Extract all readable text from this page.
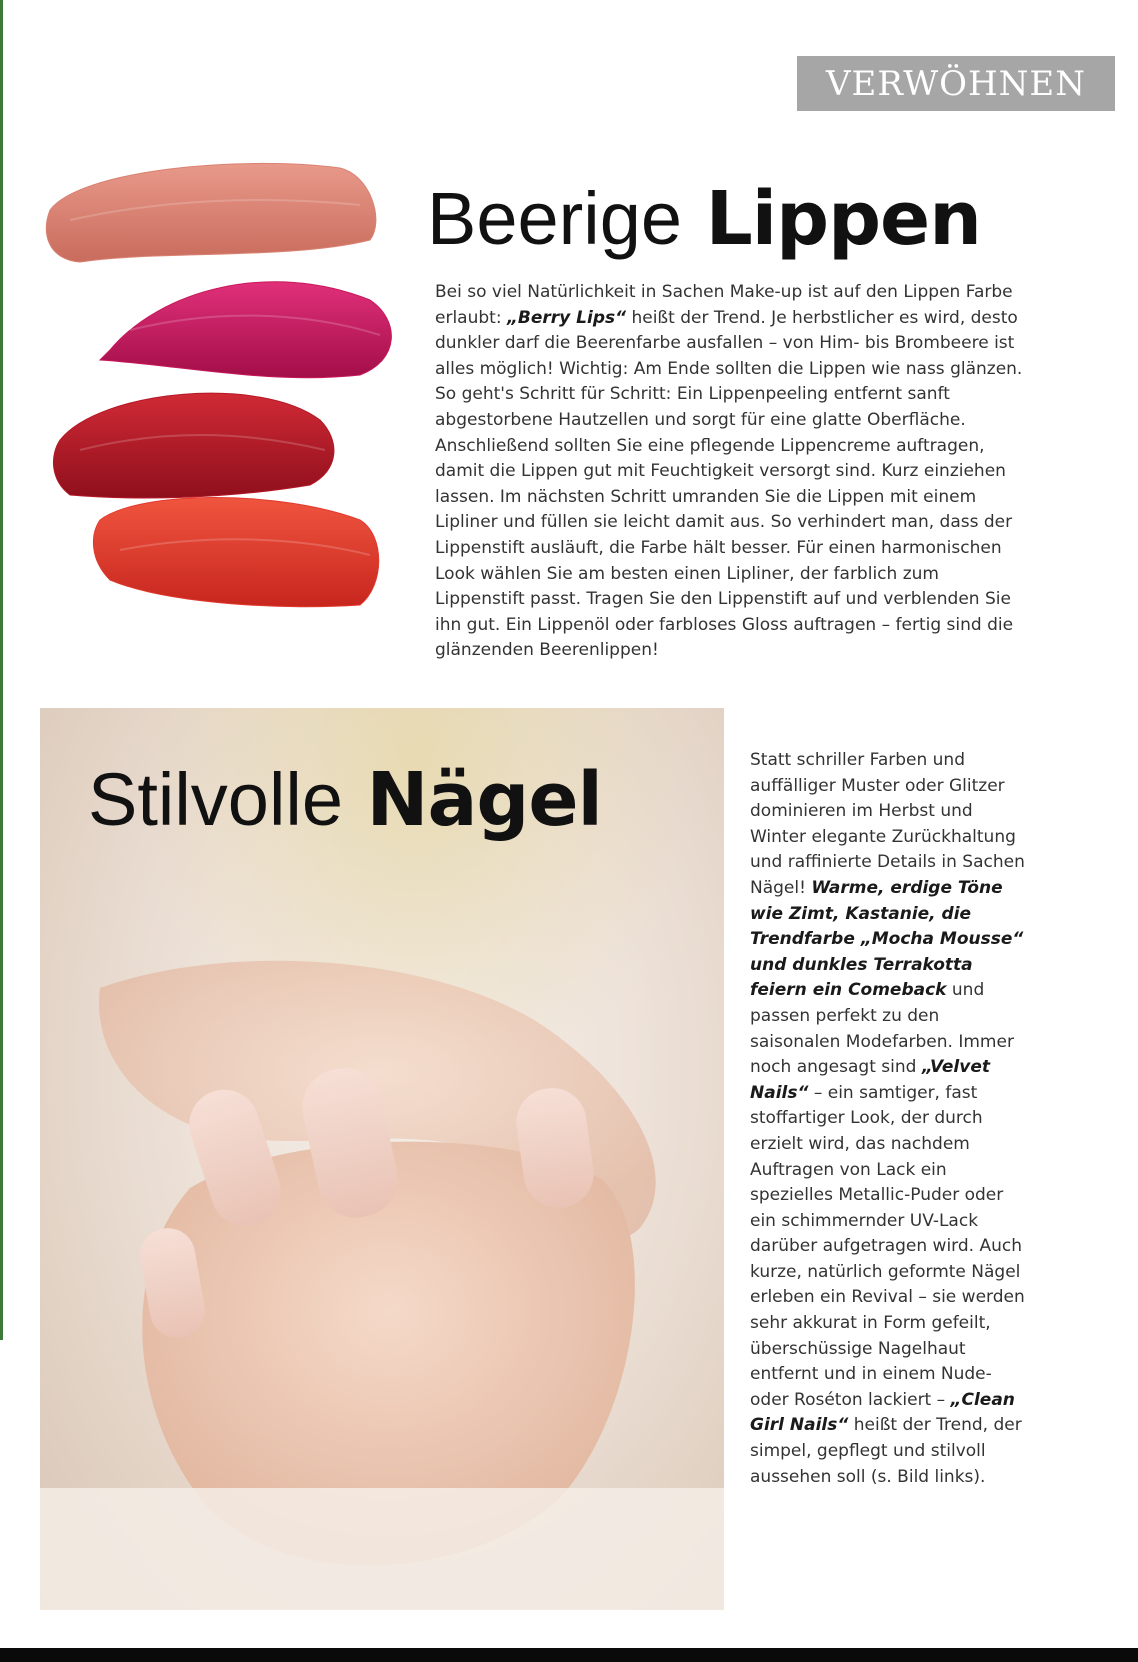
VERWÖHNEN
Beerige Lippen
Bei so viel Natürlichkeit in Sachen Make-up ist auf den Lippen Farbe erlaubt: „Berry Lips“ heißt der Trend. Je herbstlicher es wird, desto dunkler darf die Beerenfarbe ausfallen – von Him- bis Brombeere ist alles möglich! Wichtig: Am Ende sollten die Lippen wie nass glänzen. So geht's Schritt für Schritt: Ein Lippenpeeling entfernt sanft abgestorbene Hautzellen und sorgt für eine glatte Oberfläche. Anschließend sollten Sie eine pflegende Lippencreme auftragen, damit die Lippen gut mit Feuchtigkeit versorgt sind. Kurz einziehen lassen. Im nächsten Schritt umranden Sie die Lippen mit einem Lipliner und füllen sie leicht damit aus. So verhindert man, dass der Lippenstift ausläuft, die Farbe hält besser. Für einen harmonischen Look wählen Sie am besten einen Lipliner, der farblich zum Lippenstift passt. Tragen Sie den Lippenstift auf und verblenden Sie ihn gut. Ein Lippenöl oder farbloses Gloss auftragen – fertig sind die glänzenden Beerenlippen!
Stilvolle Nägel	Statt schriller Farben und auffälliger Muster oder Glitzer dominieren im Herbst und Winter elegante Zurückhaltung und raffinierte Details in Sachen Nägel! Warme, erdige Töne wie Zimt, Kastanie, die Trendfarbe „Mocha Mousse“ und dunkles Terrakotta feiern ein Comeback und passen perfekt zu den saisonalen Modefarben. Immer noch angesagt sind „Velvet Nails“ – ein samtiger, fast stoffartiger Look, der durch erzielt wird, das nachdem Auftragen von Lack ein spezielles Metallic-Puder oder ein schimmernder UV-Lack darüber aufgetragen wird. Auch kurze, natürlich geformte Nägel erleben ein Revival – sie werden sehr akkurat in Form gefeilt, überschüssige Nagelhaut entfernt und in einem Nude- oder Roséton lackiert – „Clean Girl Nails“ heißt der Trend, der simpel, gepflegt und stilvoll aussehen soll (s. Bild links).
